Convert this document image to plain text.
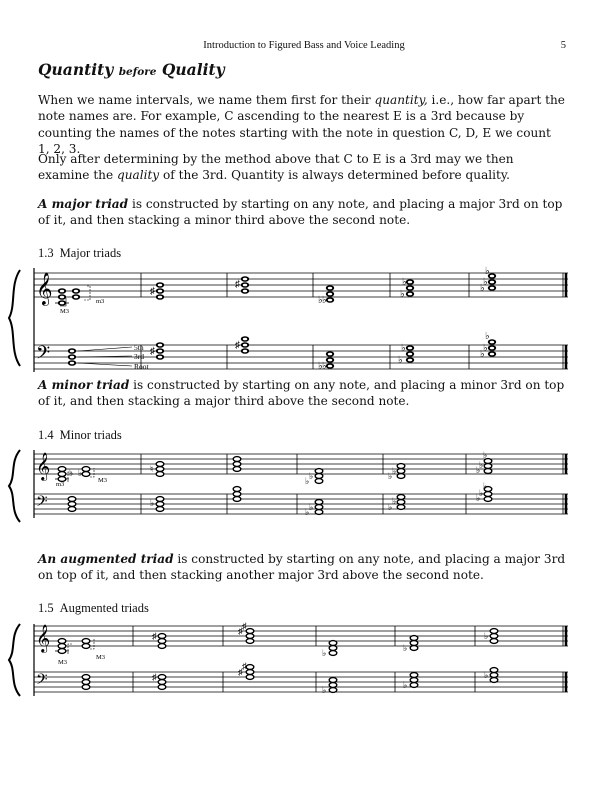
Introduction to Figured Bass and Voice Leading	5
Quantity before Quality

When we name intervals, we name them first for their quantity, i.e., how far apart the note names are. For example, C ascending to the nearest E is a 3rd because by counting the names of the notes starting with the note in question C, D, E we count 1, 2, 3.

Only after determining by the method above that C to E is a 3rd may we then examine the quality of the 3rd. Quantity is always determined before quality.

A major triad is constructed by starting on any note, and placing a major 3rd on top of it, and then stacking a minor third above the second note.

1.3 Major triads
𝄞
𝄢
♯
♯
♭ ♭
♭
♭
♭
♭
♭
M3
m3
♯
♯
♭ ♭
♭
♭
♭
♭
♭
5th
3rd
Root

A minor triad is constructed by starting on any note, and placing a minor 3rd on top of it, and then stacking a major third above the second note.

1.4 Minor triads
𝄞
𝄢
♭ ♭	♮
♭ ♭	♭ ♭	♭
♭
♭
♭
♭ ♭	♭
♭	♭
♭
♭
m3
M3

An augmented triad is constructed by starting on any note, and placing a major 3rd on top of it, and then stacking another major 3rd above the second note.

1.5 Augmented triads
𝄞
𝄢
♯	♯ ♯
♭	♭
♭
♯	♯
♯
♭	♭
♭
M3
M3
